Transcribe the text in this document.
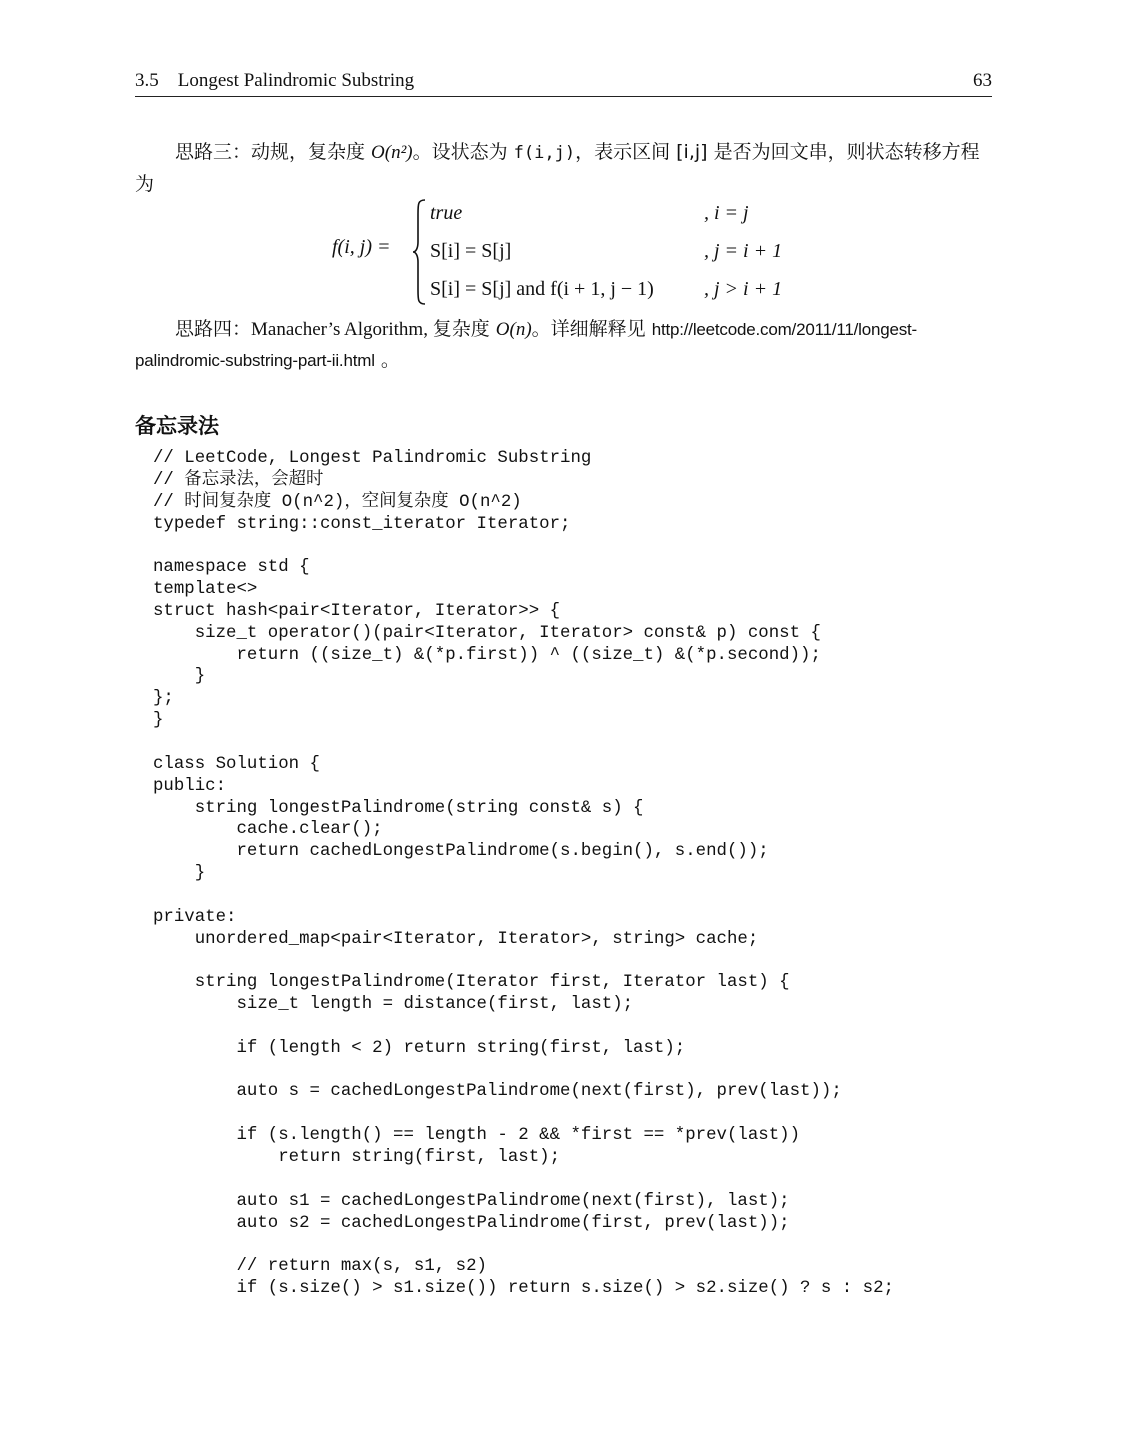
3.5    Longest Palindromic Substring	63
思路三：动规，复杂度 O(n²)。设状态为 f(i,j)，表示区间 [i,j] 是否为回文串，则状态转移方程为
f(i, j) =
true
S[i] = S[j]
S[i] = S[j] and f(i + 1, j − 1)
, i = j
, j = i + 1
, j > i + 1
思路四：Manacher’s Algorithm, 复杂度 O(n)。详细解释见 http://leetcode.com/2011/11/longest-palindromic-substring-part-ii.html 。
备忘录法
// LeetCode, Longest Palindromic Substring
// 备忘录法，会超时
// 时间复杂度 O(n^2)，空间复杂度 O(n^2)
typedef string::const_iterator Iterator;
namespace std {
template<>
struct hash<pair<Iterator, Iterator>> {
size_t operator()(pair<Iterator, Iterator> const& p) const {
return ((size_t) &(*p.first)) ^ ((size_t) &(*p.second));
}
};
}
class Solution {
public:
string longestPalindrome(string const& s) {
cache.clear();
return cachedLongestPalindrome(s.begin(), s.end());
}
private:
unordered_map<pair<Iterator, Iterator>, string> cache;
string longestPalindrome(Iterator first, Iterator last) {
size_t length = distance(first, last);
if (length < 2) return string(first, last);
auto s = cachedLongestPalindrome(next(first), prev(last));
if (s.length() == length - 2 && *first == *prev(last))
return string(first, last);
auto s1 = cachedLongestPalindrome(next(first), last);
auto s2 = cachedLongestPalindrome(first, prev(last));
// return max(s, s1, s2)
if (s.size() > s1.size()) return s.size() > s2.size() ? s : s2;
